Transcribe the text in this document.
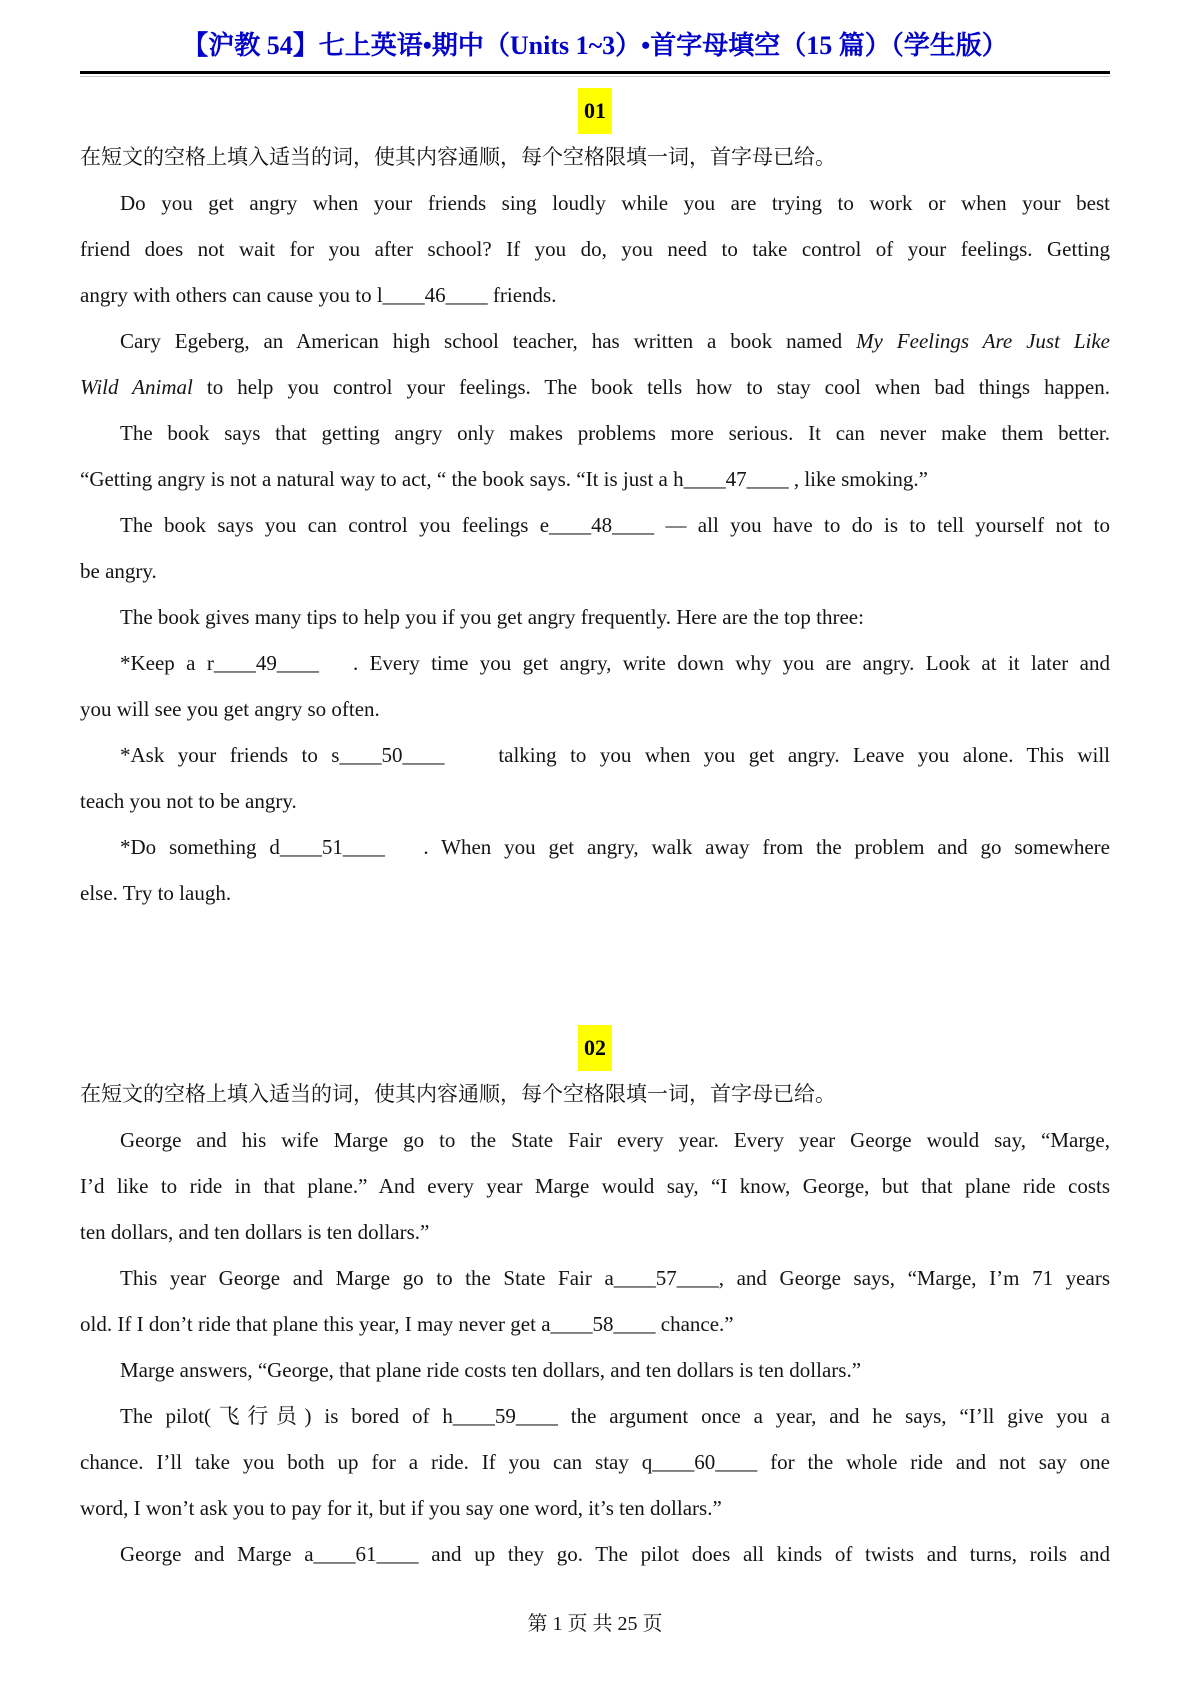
【沪教 54】七上英语•期中（Units 1~3）•首字母填空（15 篇）（学生版）
01
在短文的空格上填入适当的词，使其内容通顺，每个空格限填一词，首字母已给。
Do you get angry when your friends sing loudly while you are trying to work or when your best
friend does not wait for you after school? If you do, you need to take control of your feelings. Getting
angry with others can cause you to l____46____ friends.
Cary Egeberg, an American high school teacher, has written a book named My Feelings Are Just Like
Wild Animal to help you control your feelings. The book tells how to stay cool when bad things happen.
The book says that getting angry only makes problems more serious. It can never make them better.
“Getting angry is not a natural way to act, “ the book says. “It is just a h____47____ , like smoking.”
The book says you can control you feelings e____48____ — all you have to do is to tell yourself not to
be angry.
The book gives many tips to help you if you get angry frequently. Here are the top three:
*Keep a r____49____   . Every time you get angry, write down why you are angry. Look at it later and
you will see you get angry so often.
*Ask your friends to s____50____    talking to you when you get angry. Leave you alone. This will
teach you not to be angry.
*Do something d____51____   . When you get angry, walk away from the problem and go somewhere
else. Try to laugh.
02
在短文的空格上填入适当的词，使其内容通顺，每个空格限填一词，首字母已给。
George and his wife Marge go to the State Fair every year. Every year George would say, “Marge,
I’d like to ride in that plane.” And every year Marge would say, “I know, George, but that plane ride costs
ten dollars, and ten dollars is ten dollars.”
This year George and Marge go to the State Fair a____57____, and George says, “Marge, I’m 71 years
old. If I don’t ride that plane this year, I may never get a____58____ chance.”
Marge answers, “George, that plane ride costs ten dollars, and ten dollars is ten dollars.”
The pilot(飞行员) is bored of h____59____ the argument once a year, and he says, “I’ll give you a
chance. I’ll take you both up for a ride. If you can stay q____60____ for the whole ride and not say one
word, I won’t ask you to pay for it, but if you say one word, it’s ten dollars.”
George and Marge a____61____ and up they go. The pilot does all kinds of twists and turns, roils and
第 1 页 共 25 页
